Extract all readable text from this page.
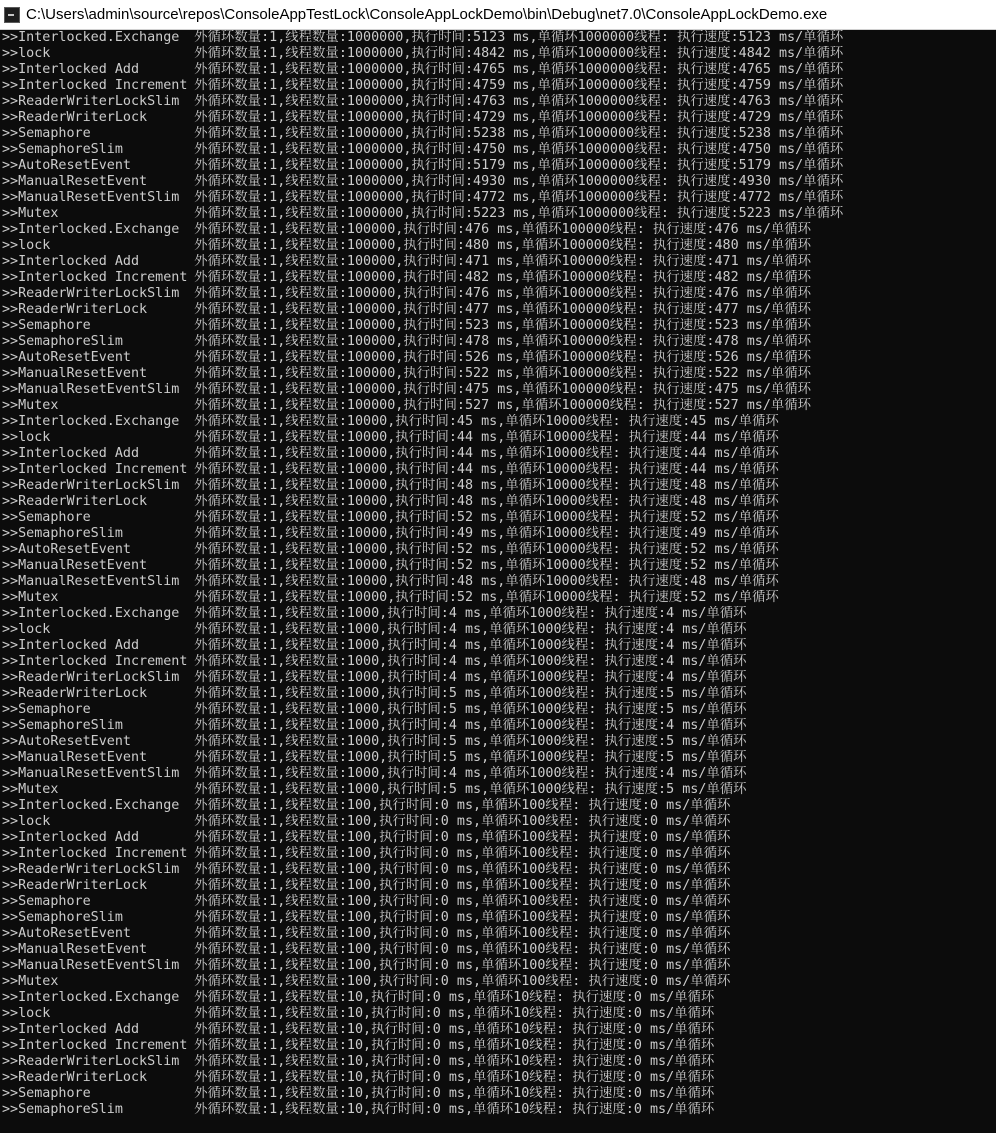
C:\Users\admin\source\repos\ConsoleAppTestLock\ConsoleAppLockDemo\bin\Debug\net7.0\ConsoleAppLockDemo.exe
>> Interlocked.Exchange	外循环数量:1,线程数量:1000000,执行时间:5123 ms,单循环1000000线程: 执行速度:5123 ms/单循环
>> lock	外循环数量:1,线程数量:1000000,执行时间:4842 ms,单循环1000000线程: 执行速度:4842 ms/单循环
>> Interlocked Add	外循环数量:1,线程数量:1000000,执行时间:4765 ms,单循环1000000线程: 执行速度:4765 ms/单循环
>> Interlocked Increment 外循环数量:1,线程数量:1000000,执行时间:4759 ms,单循环1000000线程: 执行速度:4759 ms/单循环
>> ReaderWriterLockSlim	外循环数量:1,线程数量:1000000,执行时间:4763 ms,单循环1000000线程: 执行速度:4763 ms/单循环
>> ReaderWriterLock	外循环数量:1,线程数量:1000000,执行时间:4729 ms,单循环1000000线程: 执行速度:4729 ms/单循环
>> Semaphore	外循环数量:1,线程数量:1000000,执行时间:5238 ms,单循环1000000线程: 执行速度:5238 ms/单循环
>> SemaphoreSlim	外循环数量:1,线程数量:1000000,执行时间:4750 ms,单循环1000000线程: 执行速度:4750 ms/单循环
>> AutoResetEvent	外循环数量:1,线程数量:1000000,执行时间:5179 ms,单循环1000000线程: 执行速度:5179 ms/单循环
>> ManualResetEvent	外循环数量:1,线程数量:1000000,执行时间:4930 ms,单循环1000000线程: 执行速度:4930 ms/单循环
>> ManualResetEventSlim	外循环数量:1,线程数量:1000000,执行时间:4772 ms,单循环1000000线程: 执行速度:4772 ms/单循环
>> Mutex	外循环数量:1,线程数量:1000000,执行时间:5223 ms,单循环1000000线程: 执行速度:5223 ms/单循环
>> Interlocked.Exchange	外循环数量:1,线程数量:100000,执行时间:476 ms,单循环100000线程: 执行速度:476 ms/单循环
>> lock	外循环数量:1,线程数量:100000,执行时间:480 ms,单循环100000线程: 执行速度:480 ms/单循环
>> Interlocked Add	外循环数量:1,线程数量:100000,执行时间:471 ms,单循环100000线程: 执行速度:471 ms/单循环
>> Interlocked Increment 外循环数量:1,线程数量:100000,执行时间:482 ms,单循环100000线程: 执行速度:482 ms/单循环
>> ReaderWriterLockSlim	外循环数量:1,线程数量:100000,执行时间:476 ms,单循环100000线程: 执行速度:476 ms/单循环
>> ReaderWriterLock	外循环数量:1,线程数量:100000,执行时间:477 ms,单循环100000线程: 执行速度:477 ms/单循环
>> Semaphore	外循环数量:1,线程数量:100000,执行时间:523 ms,单循环100000线程: 执行速度:523 ms/单循环
>> SemaphoreSlim	外循环数量:1,线程数量:100000,执行时间:478 ms,单循环100000线程: 执行速度:478 ms/单循环
>> AutoResetEvent	外循环数量:1,线程数量:100000,执行时间:526 ms,单循环100000线程: 执行速度:526 ms/单循环
>> ManualResetEvent	外循环数量:1,线程数量:100000,执行时间:522 ms,单循环100000线程: 执行速度:522 ms/单循环
>> ManualResetEventSlim	外循环数量:1,线程数量:100000,执行时间:475 ms,单循环100000线程: 执行速度:475 ms/单循环
>> Mutex	外循环数量:1,线程数量:100000,执行时间:527 ms,单循环100000线程: 执行速度:527 ms/单循环
>> Interlocked.Exchange	外循环数量:1,线程数量:10000,执行时间:45 ms,单循环10000线程: 执行速度:45 ms/单循环
>> lock	外循环数量:1,线程数量:10000,执行时间:44 ms,单循环10000线程: 执行速度:44 ms/单循环
>> Interlocked Add	外循环数量:1,线程数量:10000,执行时间:44 ms,单循环10000线程: 执行速度:44 ms/单循环
>> Interlocked Increment 外循环数量:1,线程数量:10000,执行时间:44 ms,单循环10000线程: 执行速度:44 ms/单循环
>> ReaderWriterLockSlim	外循环数量:1,线程数量:10000,执行时间:48 ms,单循环10000线程: 执行速度:48 ms/单循环
>> ReaderWriterLock	外循环数量:1,线程数量:10000,执行时间:48 ms,单循环10000线程: 执行速度:48 ms/单循环
>> Semaphore	外循环数量:1,线程数量:10000,执行时间:52 ms,单循环10000线程: 执行速度:52 ms/单循环
>> SemaphoreSlim	外循环数量:1,线程数量:10000,执行时间:49 ms,单循环10000线程: 执行速度:49 ms/单循环
>> AutoResetEvent	外循环数量:1,线程数量:10000,执行时间:52 ms,单循环10000线程: 执行速度:52 ms/单循环
>> ManualResetEvent	外循环数量:1,线程数量:10000,执行时间:52 ms,单循环10000线程: 执行速度:52 ms/单循环
>> ManualResetEventSlim	外循环数量:1,线程数量:10000,执行时间:48 ms,单循环10000线程: 执行速度:48 ms/单循环
>> Mutex	外循环数量:1,线程数量:10000,执行时间:52 ms,单循环10000线程: 执行速度:52 ms/单循环
>> Interlocked.Exchange	外循环数量:1,线程数量:1000,执行时间:4 ms,单循环1000线程: 执行速度:4 ms/单循环
>> lock	外循环数量:1,线程数量:1000,执行时间:4 ms,单循环1000线程: 执行速度:4 ms/单循环
>> Interlocked Add	外循环数量:1,线程数量:1000,执行时间:4 ms,单循环1000线程: 执行速度:4 ms/单循环
>> Interlocked Increment 外循环数量:1,线程数量:1000,执行时间:4 ms,单循环1000线程: 执行速度:4 ms/单循环
>> ReaderWriterLockSlim	外循环数量:1,线程数量:1000,执行时间:4 ms,单循环1000线程: 执行速度:4 ms/单循环
>> ReaderWriterLock	外循环数量:1,线程数量:1000,执行时间:5 ms,单循环1000线程: 执行速度:5 ms/单循环
>> Semaphore	外循环数量:1,线程数量:1000,执行时间:5 ms,单循环1000线程: 执行速度:5 ms/单循环
>> SemaphoreSlim	外循环数量:1,线程数量:1000,执行时间:4 ms,单循环1000线程: 执行速度:4 ms/单循环
>> AutoResetEvent	外循环数量:1,线程数量:1000,执行时间:5 ms,单循环1000线程: 执行速度:5 ms/单循环
>> ManualResetEvent	外循环数量:1,线程数量:1000,执行时间:5 ms,单循环1000线程: 执行速度:5 ms/单循环
>> ManualResetEventSlim	外循环数量:1,线程数量:1000,执行时间:4 ms,单循环1000线程: 执行速度:4 ms/单循环
>> Mutex	外循环数量:1,线程数量:1000,执行时间:5 ms,单循环1000线程: 执行速度:5 ms/单循环
>> Interlocked.Exchange	外循环数量:1,线程数量:100,执行时间:0 ms,单循环100线程: 执行速度:0 ms/单循环
>> lock	外循环数量:1,线程数量:100,执行时间:0 ms,单循环100线程: 执行速度:0 ms/单循环
>> Interlocked Add	外循环数量:1,线程数量:100,执行时间:0 ms,单循环100线程: 执行速度:0 ms/单循环
>> Interlocked Increment 外循环数量:1,线程数量:100,执行时间:0 ms,单循环100线程: 执行速度:0 ms/单循环
>> ReaderWriterLockSlim	外循环数量:1,线程数量:100,执行时间:0 ms,单循环100线程: 执行速度:0 ms/单循环
>> ReaderWriterLock	外循环数量:1,线程数量:100,执行时间:0 ms,单循环100线程: 执行速度:0 ms/单循环
>> Semaphore	外循环数量:1,线程数量:100,执行时间:0 ms,单循环100线程: 执行速度:0 ms/单循环
>> SemaphoreSlim	外循环数量:1,线程数量:100,执行时间:0 ms,单循环100线程: 执行速度:0 ms/单循环
>> AutoResetEvent	外循环数量:1,线程数量:100,执行时间:0 ms,单循环100线程: 执行速度:0 ms/单循环
>> ManualResetEvent	外循环数量:1,线程数量:100,执行时间:0 ms,单循环100线程: 执行速度:0 ms/单循环
>> ManualResetEventSlim	外循环数量:1,线程数量:100,执行时间:0 ms,单循环100线程: 执行速度:0 ms/单循环
>> Mutex	外循环数量:1,线程数量:100,执行时间:0 ms,单循环100线程: 执行速度:0 ms/单循环
>> Interlocked.Exchange	外循环数量:1,线程数量:10,执行时间:0 ms,单循环10线程: 执行速度:0 ms/单循环
>> lock	外循环数量:1,线程数量:10,执行时间:0 ms,单循环10线程: 执行速度:0 ms/单循环
>> Interlocked Add	外循环数量:1,线程数量:10,执行时间:0 ms,单循环10线程: 执行速度:0 ms/单循环
>> Interlocked Increment 外循环数量:1,线程数量:10,执行时间:0 ms,单循环10线程: 执行速度:0 ms/单循环
>> ReaderWriterLockSlim	外循环数量:1,线程数量:10,执行时间:0 ms,单循环10线程: 执行速度:0 ms/单循环
>> ReaderWriterLock	外循环数量:1,线程数量:10,执行时间:0 ms,单循环10线程: 执行速度:0 ms/单循环
>> Semaphore	外循环数量:1,线程数量:10,执行时间:0 ms,单循环10线程: 执行速度:0 ms/单循环
>> SemaphoreSlim	外循环数量:1,线程数量:10,执行时间:0 ms,单循环10线程: 执行速度:0 ms/单循环
